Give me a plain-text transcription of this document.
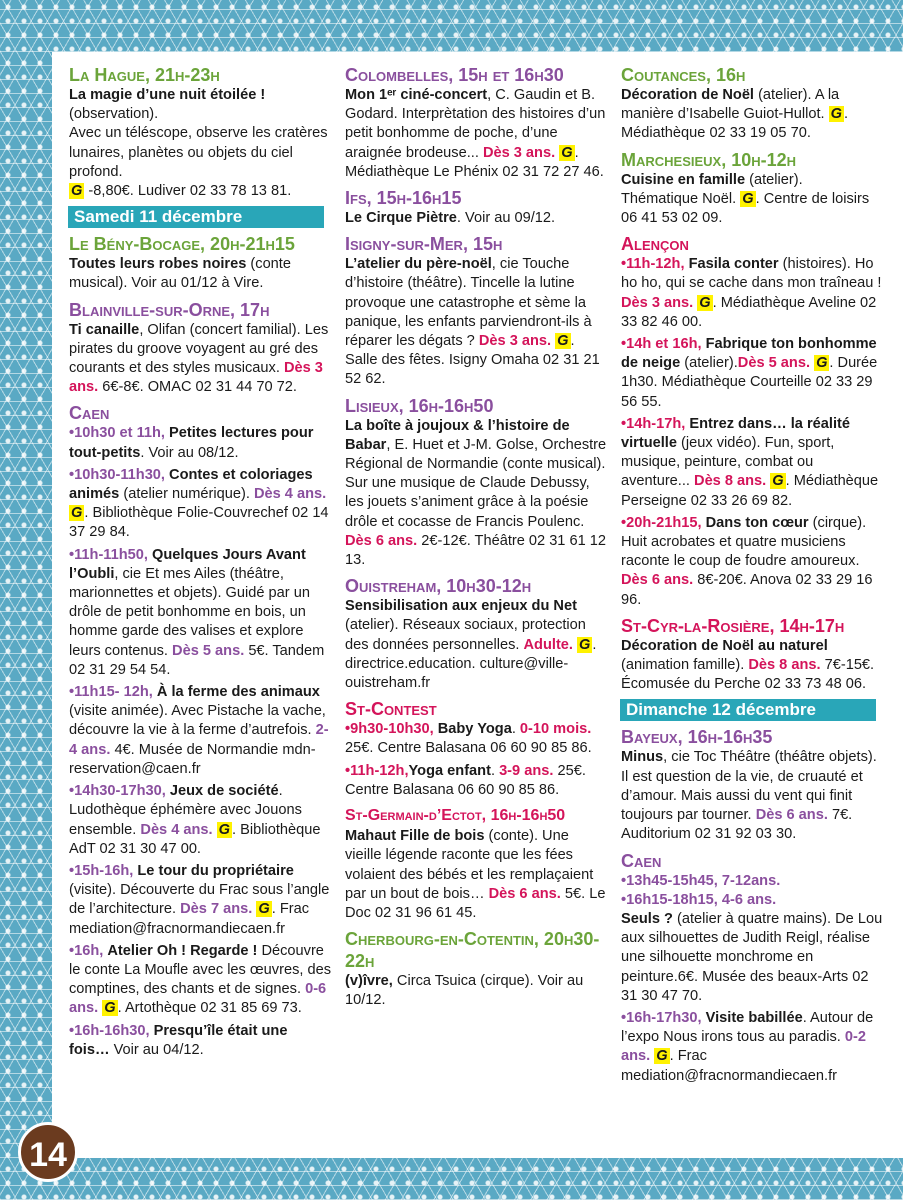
La Hague, 21h-23h
La magie d’une nuit étoilée !
(observation).
Avec un téléscope, observe les cratères lunaires, planètes ou objets du ciel profond.
G -8,80€. Ludiver 02 33 78 13 81.
Samedi 11 décembre
Le Bény-Bocage, 20h-21h15
Toutes leurs robes noires (conte musical). Voir au 01/12 à Vire.
Blainville-sur-Orne, 17h
Ti canaille, Olifan (concert familial). Les pirates du groove voyagent au gré des courants et des styles musicaux. Dès 3 ans. 6€-8€. OMAC 02 31 44 70 72.
Caen
•10h30 et 11h, Petites lectures pour tout-petits. Voir au 08/12.
•10h30-11h30, Contes et coloriages animés (atelier numérique). Dès 4 ans. G . Bibliothèque Folie-Couvrechef 02 14 37 29 84.
•11h-11h50, Quelques Jours Avant l’Oubli, cie Et mes Ailes (théâtre, marionnettes et objets). Guidé par un drôle de petit bonhomme en bois, un homme garde des valises et explore leurs contenus. Dès 5 ans. 5€. Tandem 02 31 29 54 54.
•11h15- 12h, À la ferme des animaux (visite animée). Avec Pistache la vache, découvre la vie à la ferme d’autrefois. 2-4 ans. 4€. Musée de Normandie mdn-reservation@caen.fr
•14h30-17h30, Jeux de société. Ludothèque éphémère avec Jouons ensemble. Dès 4 ans. G . Bibliothèque AdT 02 31 30 47 00.
•15h-16h, Le tour du propriétaire (visite). Découverte du Frac sous l’angle de l’architecture. Dès 7 ans. G . Frac mediation@fracnormandiecaen.fr
•16h, Atelier Oh ! Regarde ! Découvre le conte La Moufle avec les œuvres, des comptines, des chants et de signes. 0-6 ans. G . Artothèque 02 31 85 69 73.
•16h-16h30, Presqu’île était une fois… Voir au 04/12.
Colombelles, 15h et 16h30
Mon 1ᵉʳ ciné-concert, C. Gaudin et B. Godard. Interprètation des histoires d’un petit bonhomme de poche, d’une araignée brodeuse... Dès 3 ans. G . Médiathèque Le Phénix 02 31 72 27 46.
Ifs, 15h-16h15
Le Cirque Piètre. Voir au 09/12.
Isigny-sur-Mer, 15h
L’atelier du père-noël, cie Touche d’histoire (théâtre). Tincelle la lutine provoque une catastrophe et sème la panique, les enfants parviendront-ils à réparer les dégats ? Dès 3 ans. G . Salle des fêtes. Isigny Omaha 02 31 21 52 62.
Lisieux, 16h-16h50
La boîte à joujoux & l’histoire de Babar, E. Huet et J-M. Golse, Orchestre Régional de Normandie (conte musical). Sur une musique de Claude Debussy, les jouets s’animent grâce à la poésie drôle et cocasse de Francis Poulenc. Dès 6 ans. 2€-12€. Théâtre 02 31 61 12 13.
Ouistreham, 10h30-12h
Sensibilisation aux enjeux du Net (atelier). Réseaux sociaux, protection des données personnelles. Adulte. G . directrice.education. culture@ville-ouistreham.fr
St-Contest
•9h30-10h30, Baby Yoga. 0-10 mois. 25€. Centre Balasana 06 60 90 85 86.
•11h-12h,Yoga enfant. 3-9 ans. 25€. Centre Balasana 06 60 90 85 86.
St-Germain-d’Ectot, 16h-16h50
Mahaut Fille de bois (conte). Une vieille légende raconte que les fées volaient des bébés et les remplaçaient par un bout de bois… Dès 6 ans. 5€. Le Doc 02 31 96 61 45.
Cherbourg-en-Cotentin, 20h30-22h
(v)îvre, Circa Tsuica (cirque). Voir au 10/12.
Coutances, 16h
Décoration de Noël (atelier). A la manière d’Isabelle Guiot-Hullot. G . Médiathèque 02 33 19 05 70.
Marchesieux, 10h-12h
Cuisine en famille (atelier). Thématique Noël. G . Centre de loisirs 06 41 53 02 09.
Alençon
•11h-12h, Fasila conter (histoires). Ho ho ho, qui se cache dans mon traîneau ! Dès 3 ans. G . Médiathèque Aveline 02 33 82 46 00.
•14h et 16h, Fabrique ton bonhomme de neige (atelier).Dès 5 ans. G . Durée 1h30. Médiathèque Courteille 02 33 29 56 55.
•14h-17h, Entrez dans… la réalité virtuelle (jeux vidéo). Fun, sport, musique, peinture, combat ou aventure... Dès 8 ans. G . Médiathèque Perseigne 02 33 26 69 82.
•20h-21h15, Dans ton cœur (cirque). Huit acrobates et quatre musiciens raconte le coup de foudre amoureux. Dès 6 ans. 8€-20€. Anova 02 33 29 16 96.
St-Cyr-la-Rosière, 14h-17h
Décoration de Noël au naturel (animation famille). Dès 8 ans. 7€-15€. Écomusée du Perche 02 33 73 48 06.
Dimanche 12 décembre
Bayeux, 16h-16h35
Minus, cie Toc Théâtre (théâtre objets). Il est question de la vie, de cruauté et d’amour. Mais aussi du vent qui finit toujours par tourner. Dès 6 ans. 7€. Auditorium 02 31 92 03 30.
Caen
•13h45-15h45, 7-12ans.
•16h15-18h15, 4-6 ans.
Seuls ? (atelier à quatre mains). De Lou aux silhouettes de Judith Reigl, réalise une silhouette monchrome en peinture.6€. Musée des beaux-Arts 02 31 30 47 70.
•16h-17h30, Visite babillée. Autour de l’expo Nous irons tous au paradis. 0-2 ans. G . Frac mediation@fracnormandiecaen.fr
14
